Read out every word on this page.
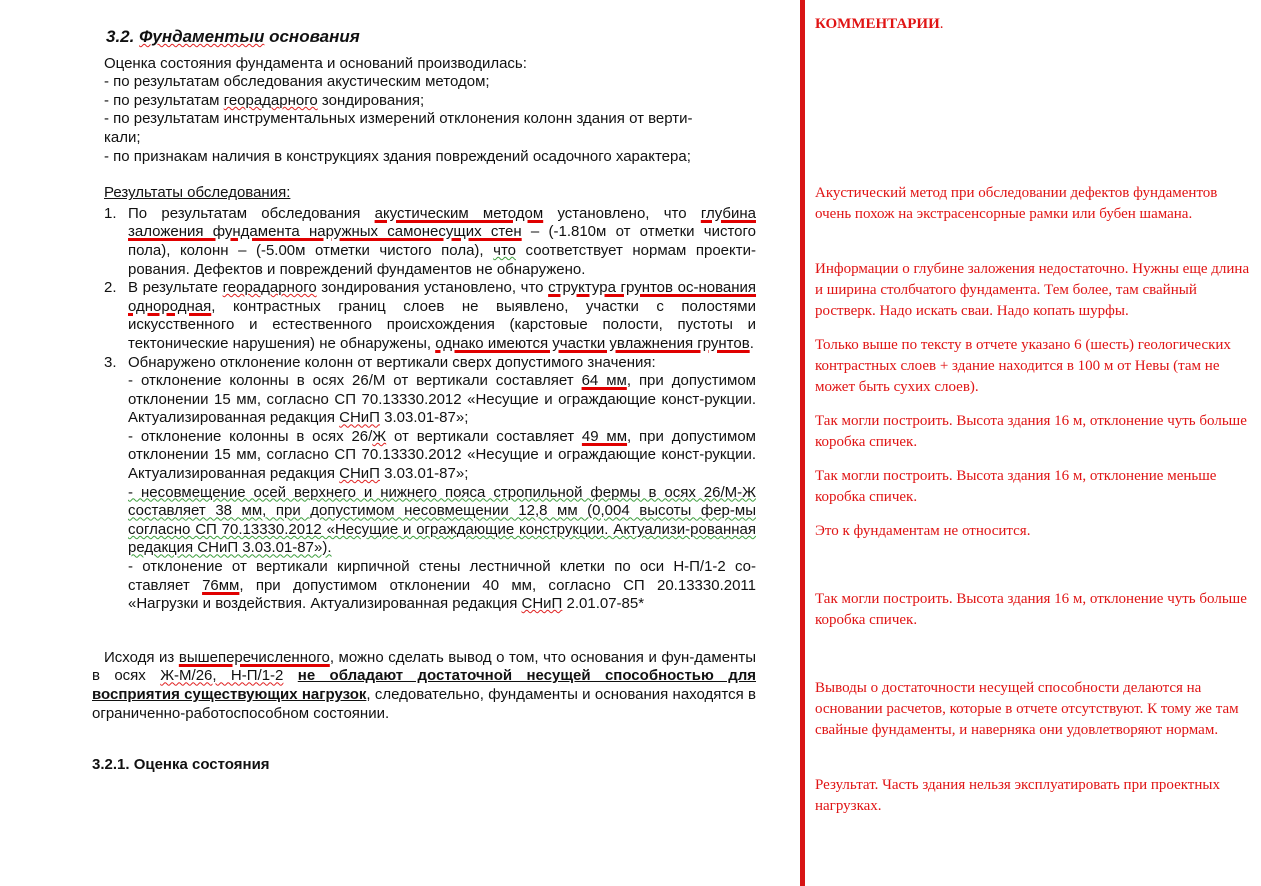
3.2. Фундаментыи основания
Оценка состояния фундамента и оснований производилась:
- по результатам обследования акустическим методом;
- по результатам георадарного зондирования;
- по результатам инструментальных измерений отклонения колонн здания от верти-
кали;
- по признакам наличия в конструкциях здания повреждений осадочного характера;
Результаты обследования:
1. По результатам обследования акустическим методом установлено, что глубина заложения фундамента наружных самонесущих стен – (-1.810м от отметки чистого пола), колонн – (-5.00м отметки чистого пола), что соответствует нормам проекти-рования. Дефектов и повреждений фундаментов не обнаружено.
2. В результате георадарного зондирования установлено, что структура грунтов ос-нования однородная, контрастных границ слоев не выявлено, участки с полостями искусственного и естественного происхождения (карстовые полости, пустоты и тектонические нарушения) не обнаружены, однако имеются участки увлажнения грунтов.
3. Обнаружено отклонение колонн от вертикали сверх допустимого значения:
- отклонение колонны в осях 26/М от вертикали составляет 64 мм, при допустимом отклонении 15 мм, согласно СП 70.13330.2012 «Несущие и ограждающие конст-рукции. Актуализированная редакция СНиП 3.03.01-87»;
- отклонение колонны в осях 26/Ж от вертикали составляет 49 мм, при допустимом отклонении 15 мм, согласно СП 70.13330.2012 «Несущие и ограждающие конст-рукции. Актуализированная редакция СНиП 3.03.01-87»;
- несовмещение осей верхнего и нижнего пояса стропильной фермы в осях 26/М-Ж составляет 38 мм, при допустимом несовмещении 12,8 мм (0,004 высоты фер-мы согласно СП 70.13330.2012 «Несущие и ограждающие конструкции. Актуализи-рованная редакция СНиП 3.03.01-87»).
- отклонение от вертикали кирпичной стены лестничной клетки по оси Н-П/1-2 со-ставляет 76мм, при допустимом отклонении 40 мм, согласно СП 20.13330.2011 «Нагрузки и воздействия. Актуализированная редакция СНиП 2.01.07-85*
Исходя из вышеперечисленного, можно сделать вывод о том, что основания и фун-даменты в осях Ж-М/26, Н-П/1-2 не обладают достаточной несущей способностью для восприятия существующих нагрузок, следовательно, фундаменты и основания находятся в ограниченно-работоспособном состоянии.
3.2.1. Оценка состояния
КОММЕНТАРИИ.
Акустический метод при обследовании дефектов фундаментов очень похож на экстрасенсорные рамки или бубен шамана.
Информации о глубине заложения недостаточно. Нужны еще длина и ширина столбчатого фундамента. Тем более, там свайный ростверк. Надо искать сваи. Надо копать шурфы.
Только выше по тексту в отчете указано 6 (шесть) геологических контрастных слоев + здание находится в 100 м от Невы (там не может быть сухих слоев).
Так могли построить. Высота здания 16 м, отклонение чуть больше коробка спичек.
Так могли построить. Высота здания 16 м, отклонение меньше коробка спичек.
Это к фундаментам не относится.
Так могли построить. Высота здания 16 м, отклонение чуть больше коробка спичек.
Выводы о достаточности несущей способности делаются на основании расчетов, которые в отчете отсутствуют. К тому же там свайные фундаменты, и наверняка они удовлетворяют нормам.
Результат. Часть здания нельзя эксплуатировать при проектных нагрузках.
